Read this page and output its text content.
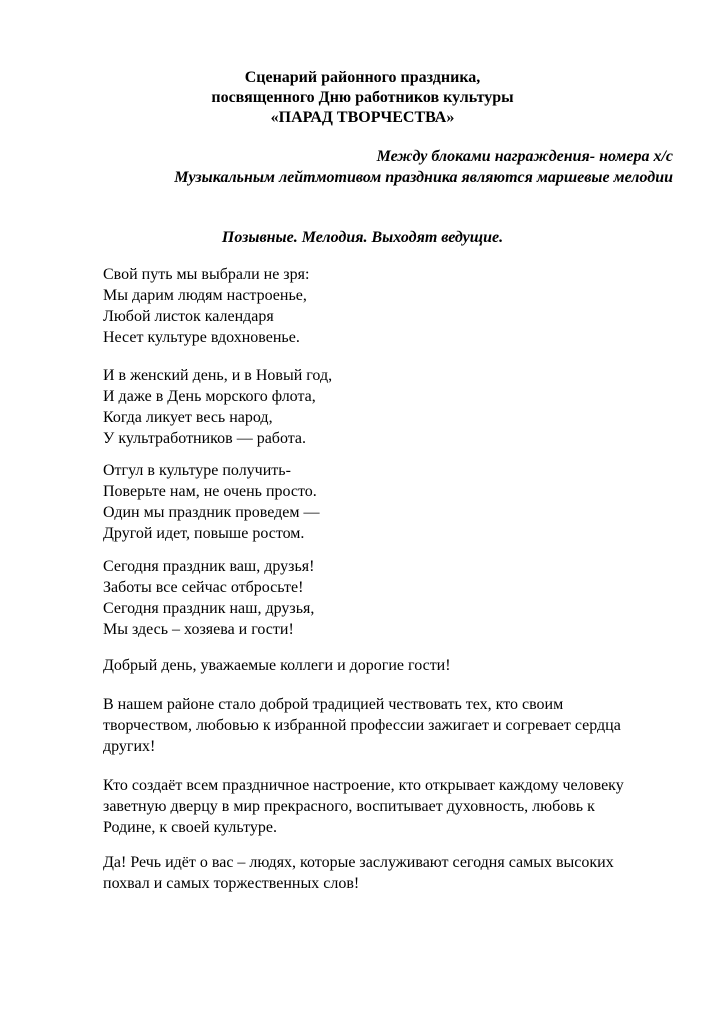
Сценарий районного праздника,
посвященного Дню работников культуры
«ПАРАД ТВОРЧЕСТВА»
Между блоками награждения- номера х/с
Музыкальным лейтмотивом праздника являются маршевые мелодии
Позывные. Мелодия. Выходят ведущие.
Свой путь мы выбрали не зря:
Мы дарим людям настроенье,
Любой листок календаря
Несет культуре вдохновенье.
И в женский день, и в Новый год,
И даже в День морского флота,
Когда ликует весь народ,
У культработников — работа.
Отгул в культуре получить-
Поверьте нам, не очень просто.
Один мы праздник проведем —
Другой идет, повыше ростом.
Сегодня праздник ваш, друзья!
Заботы все сейчас отбросьте!
Сегодня праздник наш, друзья,
Мы здесь – хозяева и гости!
Добрый день, уважаемые коллеги и дорогие гости!
В нашем районе стало доброй традицией чествовать тех, кто своим
творчеством, любовью к избранной профессии зажигает и согревает сердца
других!
Кто создаёт всем праздничное настроение, кто открывает каждому человеку
заветную дверцу в мир прекрасного, воспитывает духовность, любовь к
Родине, к своей культуре.
Да! Речь идёт о вас – людях, которые заслуживают сегодня самых высоких
похвал и самых торжественных слов!
